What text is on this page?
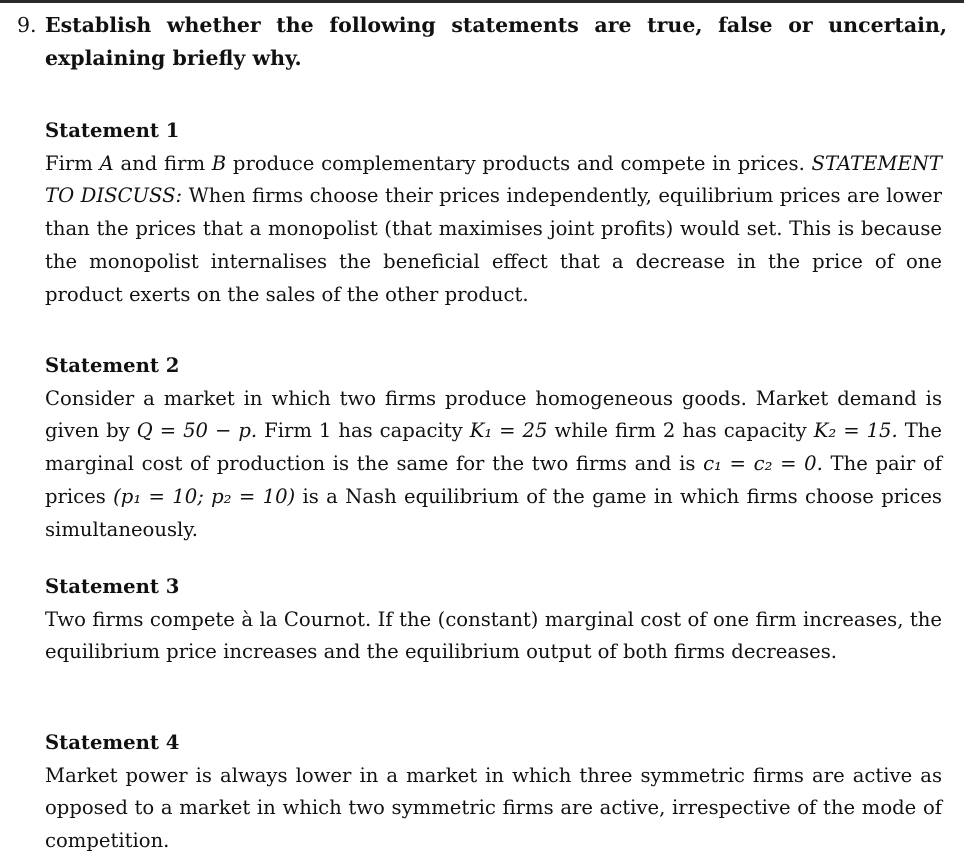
9. Establish whether the following statements are true, false or uncertain, explaining briefly why.
Statement 1
Firm A and firm B produce complementary products and compete in prices. STATEMENT TO DISCUSS: When firms choose their prices independently, equilibrium prices are lower than the prices that a monopolist (that maximises joint profits) would set. This is because the monopolist internalises the beneficial effect that a decrease in the price of one product exerts on the sales of the other product.
Statement 2
Consider a market in which two firms produce homogeneous goods. Market demand is given by Q = 50 − p. Firm 1 has capacity K₁ = 25 while firm 2 has capacity K₂ = 15. The marginal cost of production is the same for the two firms and is c₁ = c₂ = 0. The pair of prices (p₁ = 10; p₂ = 10) is a Nash equilibrium of the game in which firms choose prices simultaneously.
Statement 3
Two firms compete à la Cournot. If the (constant) marginal cost of one firm increases, the equilibrium price increases and the equilibrium output of both firms decreases.
Statement 4
Market power is always lower in a market in which three symmetric firms are active as opposed to a market in which two symmetric firms are active, irrespective of the mode of competition.
